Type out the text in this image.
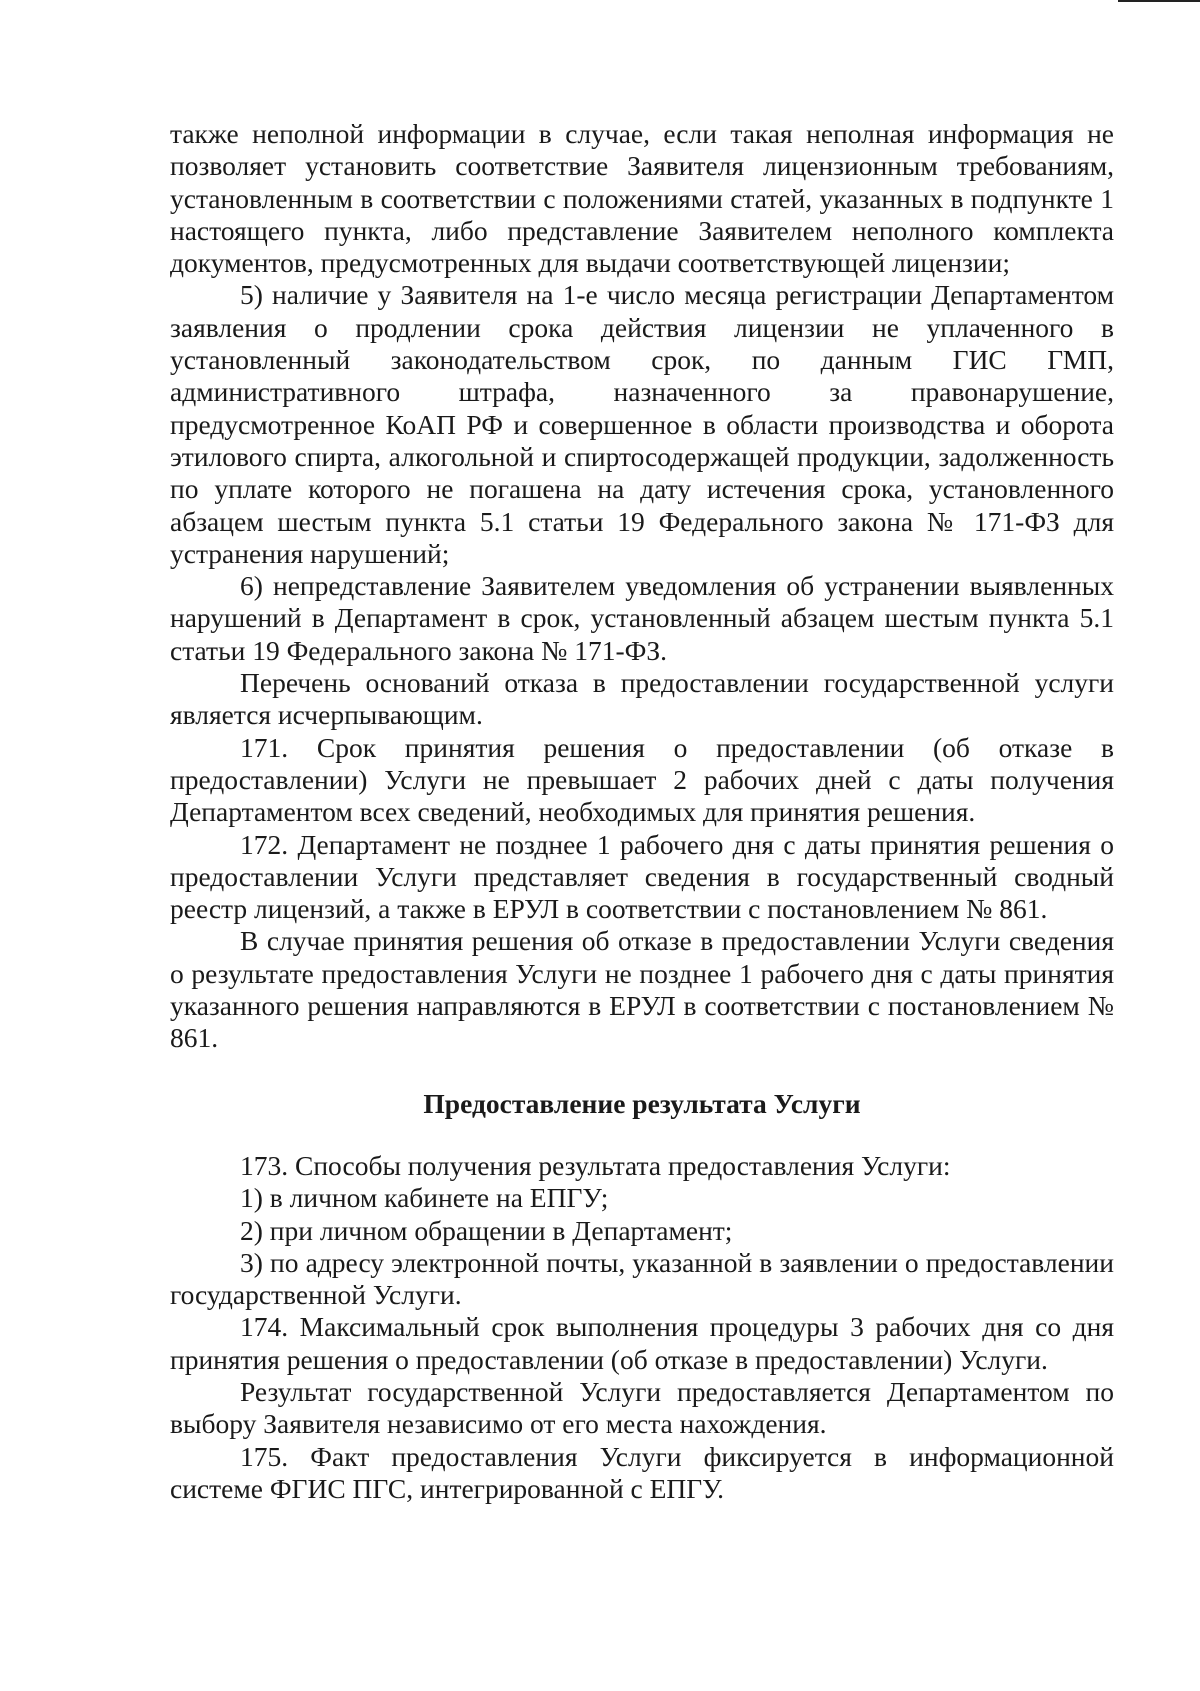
также неполной информации в случае, если такая неполная информация не позволяет установить соответствие Заявителя лицензионным требованиям, установленным в соответствии с положениями статей, указанных в подпункте 1 настоящего пункта, либо представление Заявителем неполного комплекта документов, предусмотренных для выдачи соответствующей лицензии;

5) наличие у Заявителя на 1-е число месяца регистрации Департаментом заявления о продлении срока действия лицензии не уплаченного в установленный законодательством срок, по данным ГИС ГМП, административного штрафа, назначенного за правонарушение, предусмотренное КоАП РФ и совершенное в области производства и оборота этилового спирта, алкогольной и спиртосодержащей продукции, задолженность по уплате которого не погашена на дату истечения срока, установленного абзацем шестым пункта 5.1 статьи 19 Федерального закона № 171-ФЗ для устранения нарушений;

6) непредставление Заявителем уведомления об устранении выявленных нарушений в Департамент в срок, установленный абзацем шестым пункта 5.1 статьи 19 Федерального закона № 171-ФЗ.

Перечень оснований отказа в предоставлении государственной услуги является исчерпывающим.

171. Срок принятия решения о предоставлении (об отказе в предоставлении) Услуги не превышает 2 рабочих дней с даты получения Департаментом всех сведений, необходимых для принятия решения.

172. Департамент не позднее 1 рабочего дня с даты принятия решения о предоставлении Услуги представляет сведения в государственный сводный реестр лицензий, а также в ЕРУЛ в соответствии с постановлением № 861.

В случае принятия решения об отказе в предоставлении Услуги сведения о результате предоставления Услуги не позднее 1 рабочего дня с даты принятия указанного решения направляются в ЕРУЛ в соответствии с постановлением № 861.

Предоставление результата Услуги

173. Способы получения результата предоставления Услуги:

1) в личном кабинете на ЕПГУ;

2) при личном обращении в Департамент;

3) по адресу электронной почты, указанной в заявлении о предоставлении государственной Услуги.

174. Максимальный срок выполнения процедуры 3 рабочих дня со дня принятия решения о предоставлении (об отказе в предоставлении) Услуги.

Результат государственной Услуги предоставляется Департаментом по выбору Заявителя независимо от его места нахождения.

175. Факт предоставления Услуги фиксируется в информационной системе ФГИС ПГС, интегрированной с ЕПГУ.
